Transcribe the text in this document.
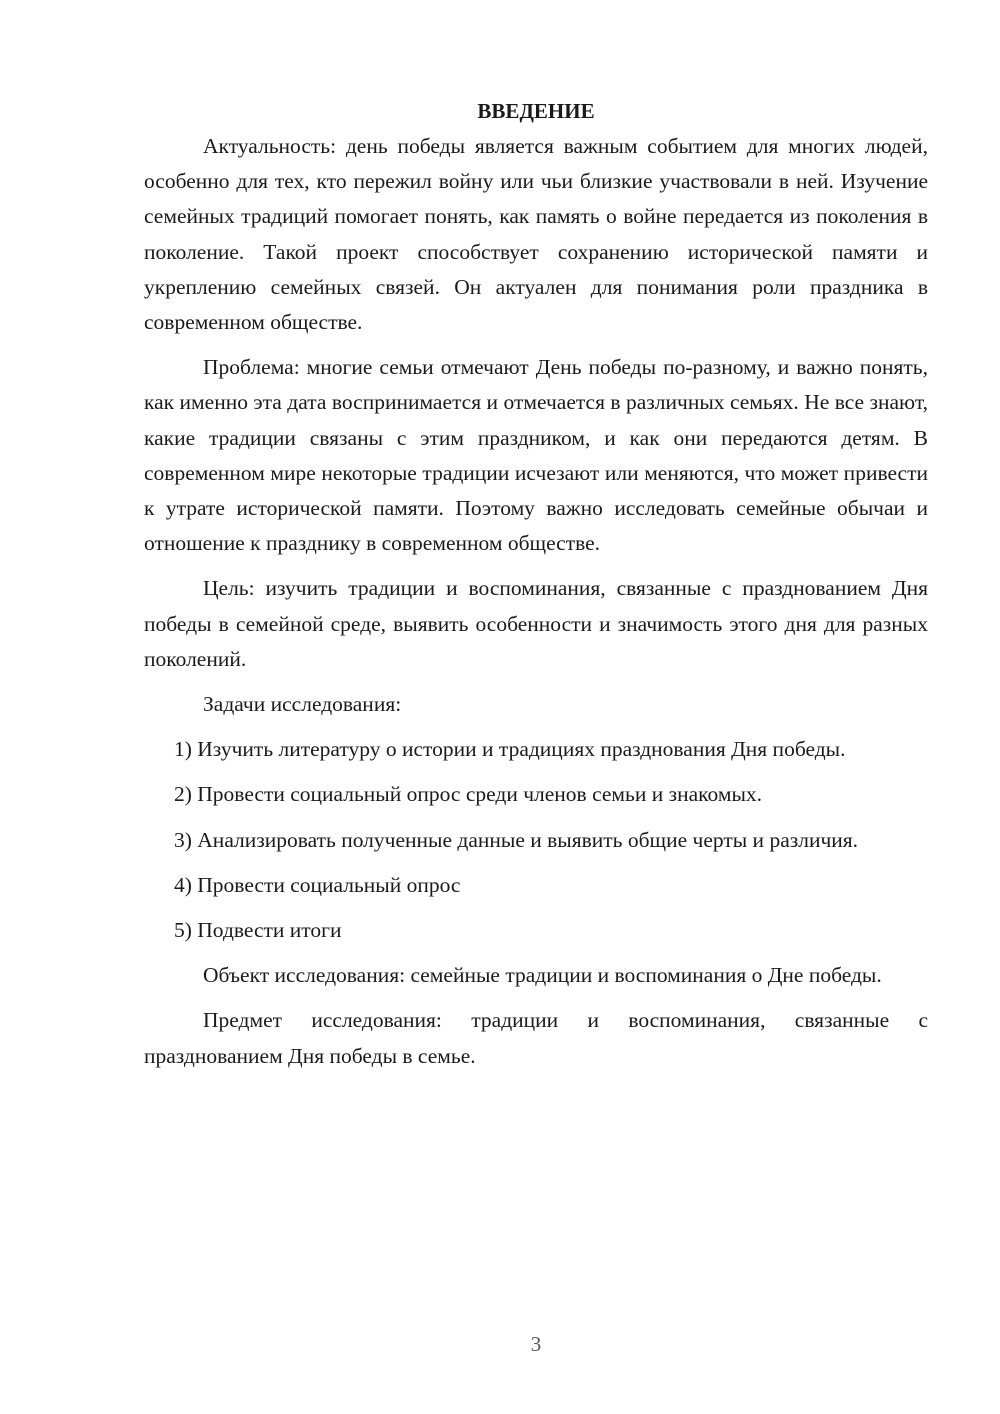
ВВЕДЕНИЕ

Актуальность: день победы является важным событием для многих людей, особенно для тех, кто пережил войну или чьи близкие участвовали в ней. Изучение семейных традиций помогает понять, как память о войне передается из поколения в поколение. Такой проект способствует сохранению исторической памяти и укреплению семейных связей. Он актуален для понимания роли праздника в современном обществе.

Проблема: многие семьи отмечают День победы по-разному, и важно понять, как именно эта дата воспринимается и отмечается в различных семьях. Не все знают, какие традиции связаны с этим праздником, и как они передаются детям. В современном мире некоторые традиции исчезают или меняются, что может привести к утрате исторической памяти. Поэтому важно исследовать семейные обычаи и отношение к празднику в современном обществе.

Цель: изучить традиции и воспоминания, связанные с празднованием Дня победы в семейной среде, выявить особенности и значимость этого дня для разных поколений.

Задачи исследования:

1) Изучить литературу о истории и традициях празднования Дня победы.

2) Провести социальный опрос среди членов семьи и знакомых.

3) Анализировать полученные данные и выявить общие черты и различия.

4) Провести социальный опрос

5) Подвести итоги

Объект исследования: семейные традиции и воспоминания о Дне победы.

Предмет исследования: традиции и воспоминания, связанные с празднованием Дня победы в семье.

3
